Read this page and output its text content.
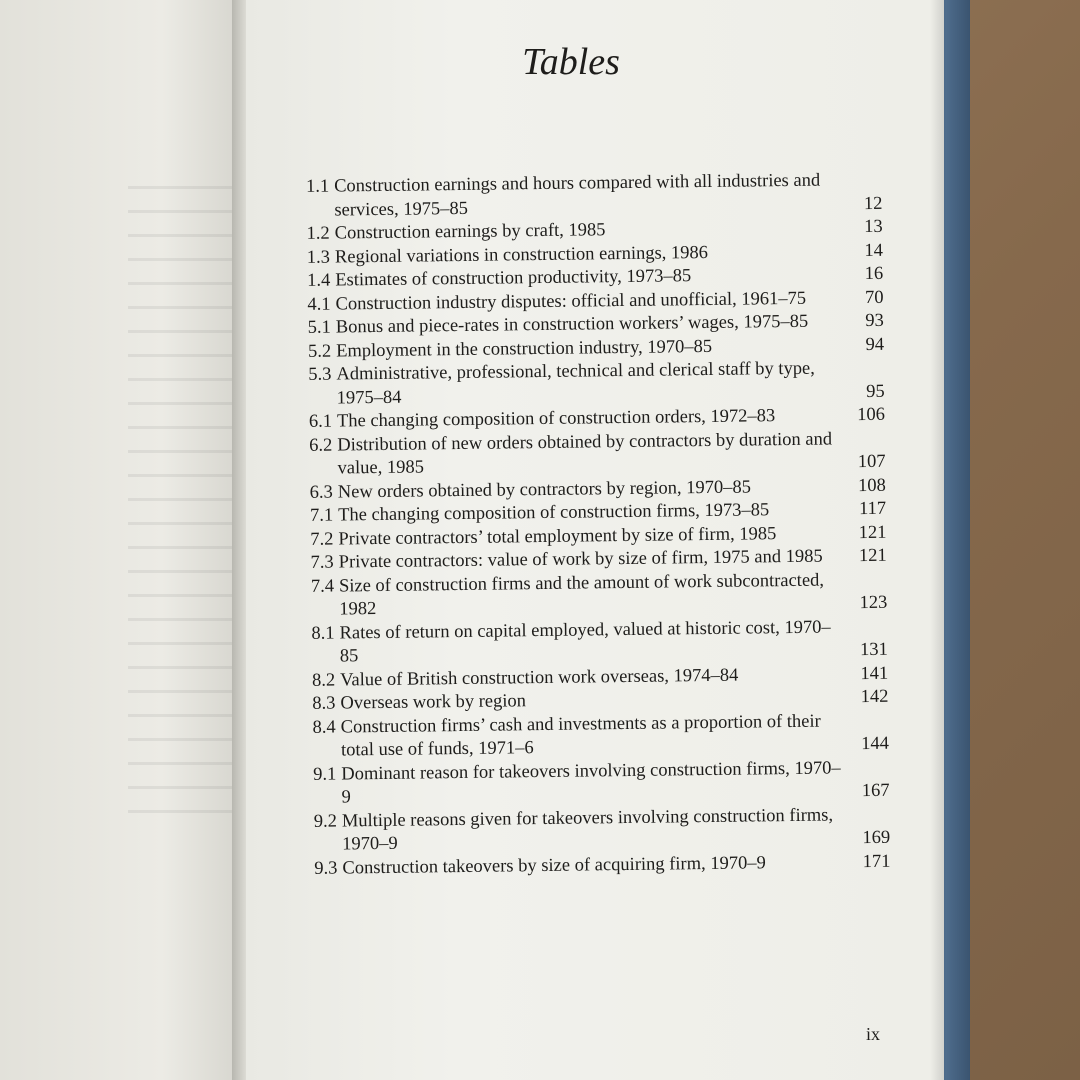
Tables
1.1 Construction earnings and hours compared with all industries and services, 1975–85	12
1.2 Construction earnings by craft, 1985	13
1.3 Regional variations in construction earnings, 1986	14
1.4 Estimates of construction productivity, 1973–85	16
4.1 Construction industry disputes: official and unofficial, 1961–75	70
5.1 Bonus and piece-rates in construction workers’ wages, 1975–85	93
5.2 Employment in the construction industry, 1970–85	94
5.3 Administrative, professional, technical and clerical staff by type, 1975–84	95
6.1 The changing composition of construction orders, 1972–83	106
6.2 Distribution of new orders obtained by contractors by duration and value, 1985	107
6.3 New orders obtained by contractors by region, 1970–85	108
7.1 The changing composition of construction firms, 1973–85	117
7.2 Private contractors’ total employment by size of firm, 1985	121
7.3 Private contractors: value of work by size of firm, 1975 and 1985	121
7.4 Size of construction firms and the amount of work subcontracted, 1982	123
8.1 Rates of return on capital employed, valued at historic cost, 1970–85	131
8.2 Value of British construction work overseas, 1974–84	141
8.3 Overseas work by region	142
8.4 Construction firms’ cash and investments as a proportion of their total use of funds, 1971–6	144
9.1 Dominant reason for takeovers involving construction firms, 1970–9	167
9.2 Multiple reasons given for takeovers involving construction firms, 1970–9	169
9.3 Construction takeovers by size of acquiring firm, 1970–9	171
ix
